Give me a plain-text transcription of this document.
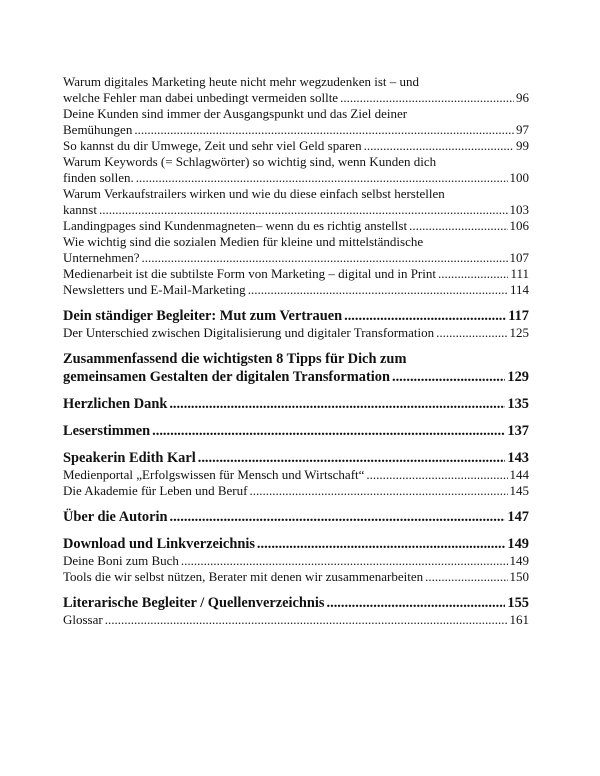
Warum digitales Marketing heute nicht mehr wegzudenken ist – und
welche Fehler man dabei unbedingt vermeiden sollte .....	96
Deine Kunden sind immer der Ausgangspunkt und das Ziel deiner
Bemühungen .....	97
So kannst du dir Umwege, Zeit und sehr viel Geld sparen .....	99
Warum Keywords (= Schlagwörter) so wichtig sind, wenn Kunden dich
finden sollen. .....	100
Warum Verkaufstrailers wirken und wie du diese einfach selbst herstellen
kannst .....	103
Landingpages sind Kundenmagneten– wenn du es richtig anstellst .....	106
Wie wichtig sind die sozialen Medien für kleine und mittelständische
Unternehmen? .....	107
Medienarbeit ist die subtilste Form von Marketing – digital und in Print .....	111
Newsletters und E-Mail-Marketing .....	114
Dein ständiger Begleiter: Mut zum Vertrauen .....	117
Der Unterschied zwischen Digitalisierung und digitaler Transformation .....	125
Zusammenfassend die wichtigsten 8 Tipps für Dich zum
gemeinsamen Gestalten der digitalen Transformation .....	129
Herzlichen Dank .....	135
Leserstimmen .....	137
Speakerin Edith Karl .....	143
Medienportal „Erfolgswissen für Mensch und Wirtschaft“ .....	144
Die Akademie für Leben und Beruf .....	145
Über die Autorin .....	147
Download und Linkverzeichnis .....	149
Deine Boni zum Buch .....	149
Tools die wir selbst nützen, Berater mit denen wir zusammenarbeiten .....	150
Literarische Begleiter / Quellenverzeichnis .....	155
Glossar .....	161
